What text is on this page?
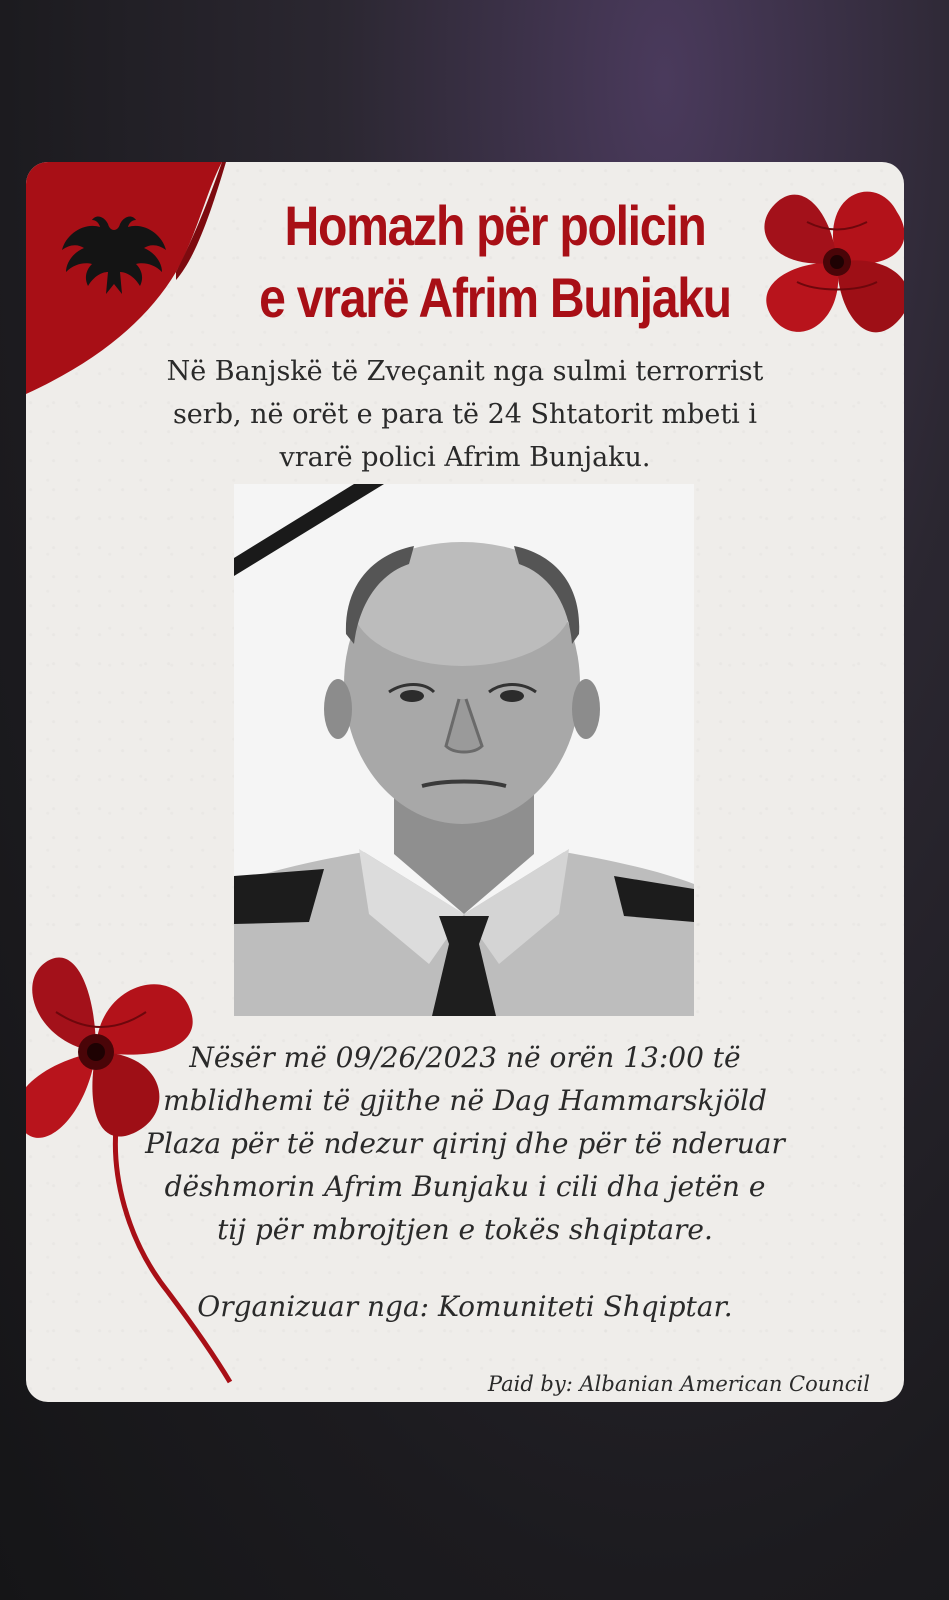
Homazh për policin
e vrarë Afrim Bunjaku
Në Banjskë të Zveçanit nga sulmi terrorrist
serb, në orët e para të 24 Shtatorit mbeti i
vrarë polici Afrim Bunjaku.
Nësër më 09/26/2023 në orën 13:00 të
mblidhemi të gjithe në Dag Hammarskjöld
Plaza për të ndezur qirinj dhe për të nderuar
dëshmorin Afrim Bunjaku i cili dha jetën e
tij për mbrojtjen e tokës shqiptare.
Organizuar nga: Komuniteti Shqiptar.
Paid by: Albanian American Council
